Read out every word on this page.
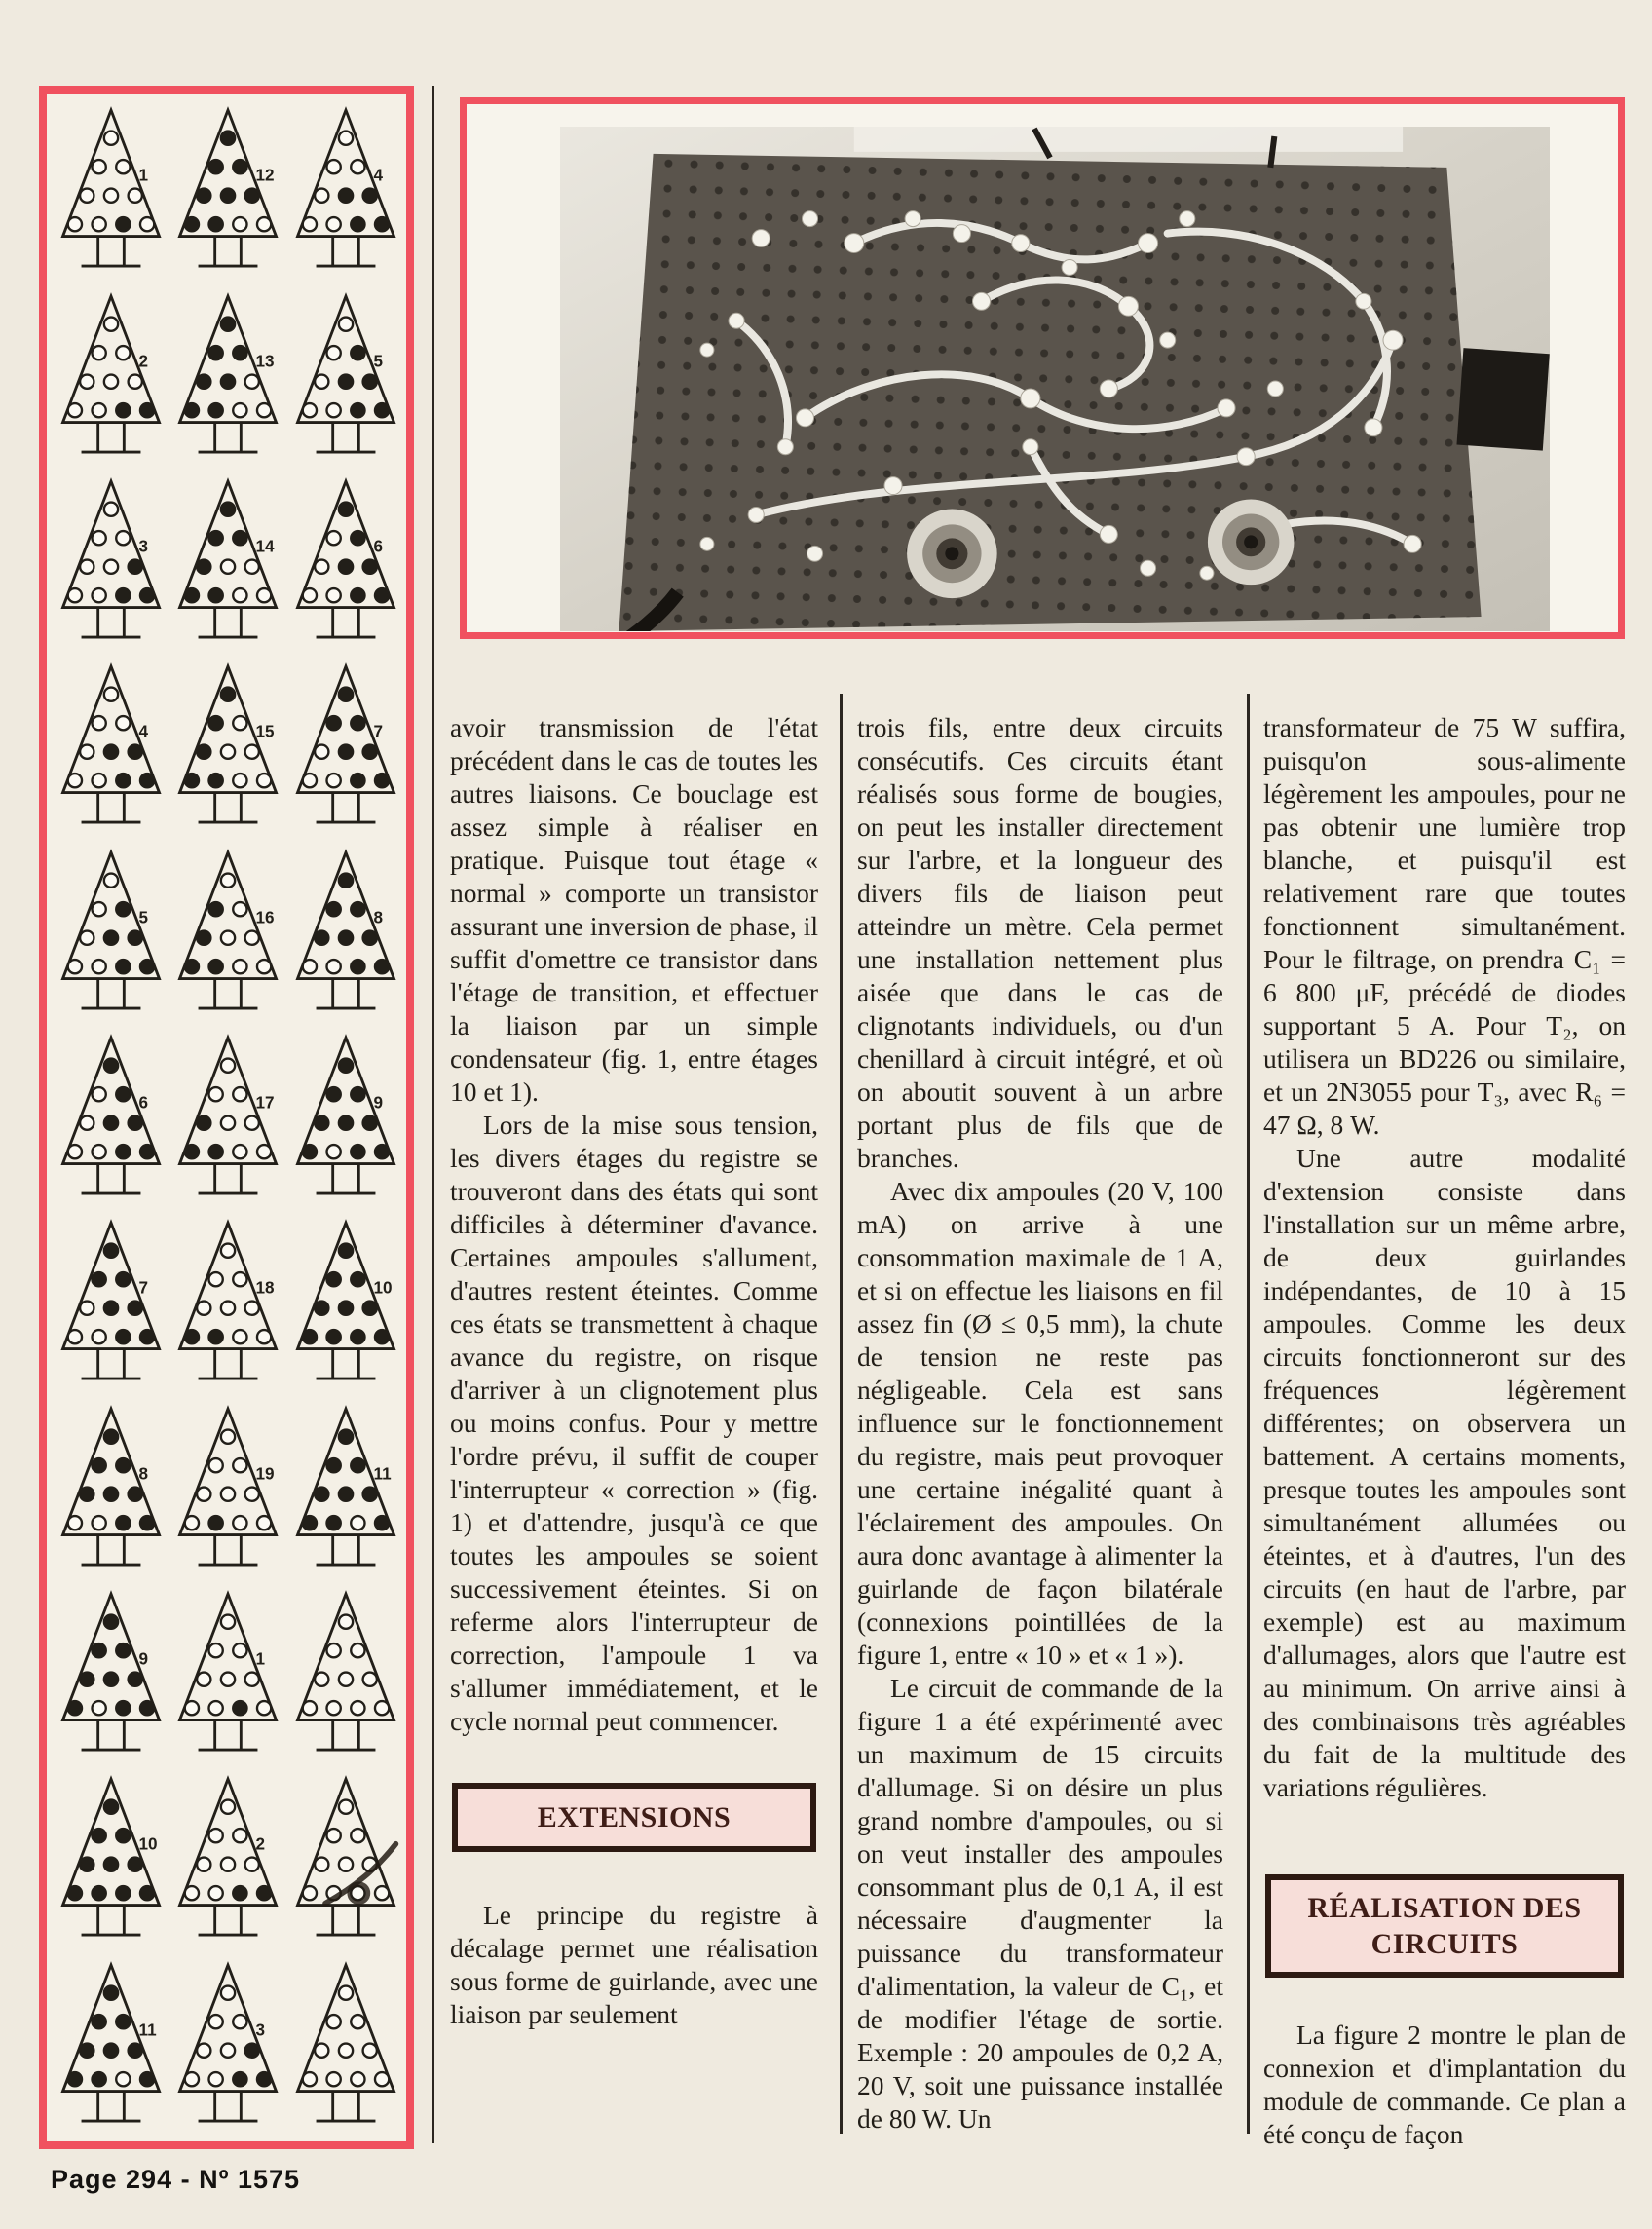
1
2
3
4
5
6
7
8
9
10
11
12
13
14
15
16
17
18
19
1
2
3
4
5
6
7
8
9
10
11

avoir transmission de l'état précédent dans le cas de toutes les autres liaisons. Ce bouclage est assez simple à réaliser en pratique. Puisque tout étage « normal » comporte un transistor assurant une inversion de phase, il suffit d'omettre ce transistor dans l'étage de transition, et effectuer la liaison par un simple condensateur (fig. 1, entre étages 10 et 1).

Lors de la mise sous tension, les divers étages du registre se trouveront dans des états qui sont difficiles à déterminer d'avance. Certaines ampoules s'allument, d'autres restent éteintes. Comme ces états se transmettent à chaque avance du registre, on risque d'arriver à un clignotement plus ou moins confus. Pour y mettre l'ordre prévu, il suffit de couper l'interrupteur « correction » (fig. 1) et d'attendre, jusqu'à ce que toutes les ampoules se soient successivement éteintes. Si on referme alors l'interrupteur de correction, l'ampoule 1 va s'allumer immédiatement, et le cycle normal peut commencer.

EXTENSIONS

Le principe du registre à décalage permet une réalisation sous forme de guirlande, avec une liaison par seulement

trois fils, entre deux circuits consécutifs. Ces circuits étant réalisés sous forme de bougies, on peut les installer directement sur l'arbre, et la longueur des divers fils de liaison peut atteindre un mètre. Cela permet une installation nettement plus aisée que dans le cas de clignotants individuels, ou d'un chenillard à circuit intégré, et où on aboutit souvent à un arbre portant plus de fils que de branches.

Avec dix ampoules (20 V, 100 mA) on arrive à une consommation maximale de 1 A, et si on effectue les liaisons en fil assez fin (Ø ≤ 0,5 mm), la chute de tension ne reste pas négligeable. Cela est sans influence sur le fonctionnement du registre, mais peut provoquer une certaine inégalité quant à l'éclairement des ampoules. On aura donc avantage à alimenter la guirlande de façon bilatérale (connexions pointillées de la figure 1, entre « 10 » et « 1 »).

Le circuit de commande de la figure 1 a été expérimenté avec un maximum de 15 circuits d'allumage. Si on désire un plus grand nombre d'ampoules, ou si on veut installer des ampoules consommant plus de 0,1 A, il est nécessaire d'augmenter la puissance du transformateur d'alimentation, la valeur de C₁, et de modifier l'étage de sortie. Exemple : 20 ampoules de 0,2 A, 20 V, soit une puissance installée de 80 W. Un

transformateur de 75 W suffira, puisqu'on sous-alimente légèrement les ampoules, pour ne pas obtenir une lumière trop blanche, et puisqu'il est relativement rare que toutes fonctionnent simultanément. Pour le filtrage, on prendra C₁ = 6 800 μF, précédé de diodes supportant 5 A. Pour T₂, on utilisera un BD226 ou similaire, et un 2N3055 pour T₃, avec R₆ = 47 Ω, 8 W.

Une autre modalité d'extension consiste dans l'installation sur un même arbre, de deux guirlandes indépendantes, de 10 à 15 ampoules. Comme les deux circuits fonctionneront sur des fréquences légèrement différentes; on observera un battement. A certains moments, presque toutes les ampoules sont simultanément allumées ou éteintes, et à d'autres, l'un des circuits (en haut de l'arbre, par exemple) est au maximum d'allumages, alors que l'autre est au minimum. On arrive ainsi à des combinaisons très agréables du fait de la multitude des variations régulières.

RÉALISATION DES CIRCUITS

La figure 2 montre le plan de connexion et d'implantation du module de commande. Ce plan a été conçu de façon

Page 294 - Nº 1575
